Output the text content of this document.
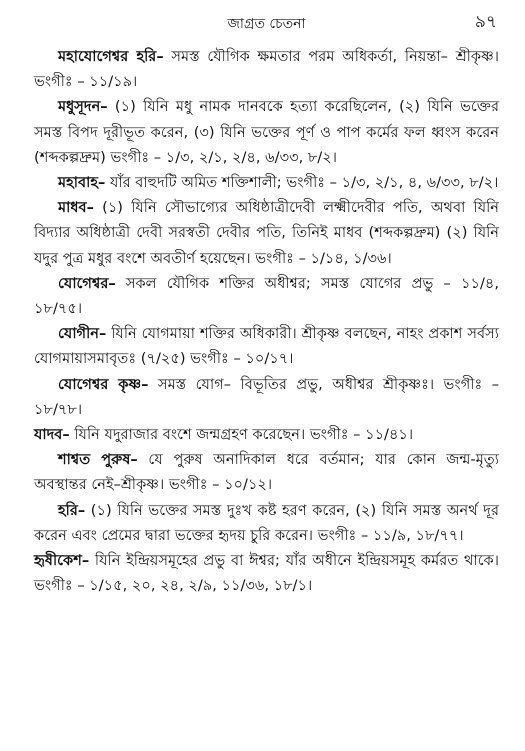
জাগ্রত চেতনা	৯৭

মহাযোগেশ্বর হরি– সমস্ত যৌগিক ক্ষমতার পরম অধিকর্তা, নিয়ন্তা– শ্রীকৃষ্ণ। ভংগীঃ – ১১/১৯।

মধুসূদন– (১) যিনি মধু নামক দানবকে হত্যা করেছিলেন, (২) যিনি ভক্তের সমস্ত বিপদ দূরীভূত করেন, (৩) যিনি ভক্তের পূর্ণ ও পাপ কর্মের ফল ধ্বংস করেন (শব্দকল্পদ্রুম) ভংগীঃ – ১/৩, ২/১, ২/৪, ৬/৩৩, ৮/২।

মহাবাহ– যাঁর বাহুদটি অমিত শক্তিশালী; ভংগীঃ – ১/৩, ২/১, ৪, ৬/৩৩, ৮/২।

মাধব– (১) যিনি সৌভাগ্যের অধিষ্ঠাত্রীদেবী লক্ষ্মীদেবীর পতি, অথবা যিনি বিদ্যার অধিষ্ঠাত্রী দেবী সরস্বতী দেবীর পতি, তিনিই মাধব (শব্দকল্পদ্রুম) (২) যিনি যদুর পুত্র মধুর বংশে অবতীর্ণ হয়েছেন। ভংগীঃ – ১/১৪, ১/৩৬।

যোগেশ্বর– সকল যৌগিক শক্তির অধীশ্বর; সমস্ত যোগের প্রভু – ১১/৪, ১৮/৭৫।

যোগীন– যিনি যোগমায়া শক্তির অধিকারী। শ্রীকৃষ্ণ বলছেন, নাহং প্রকাশ সর্বস্য যোগমায়াসমাবৃতঃ (৭/২৫) ভংগীঃ – ১০/১৭।

যোগেশ্বর কৃষ্ণ– সমস্ত যোগ– বিভূতির প্রভু, অধীশ্বর শ্রীকৃষ্ণঃ। ভংগীঃ – ১৮/৭৮।

যাদব– যিনি যদুরাজার বংশে জন্মগ্রহণ করেছেন। ভংগীঃ – ১১/৪১।

শাশ্বত পুরুষ– যে পুরুষ অনাদিকাল ধরে বর্তমান; যার কোন জন্ম-মৃত্যু অবস্থান্তর নেই–শ্রীকৃষ্ণ। ভংগীঃ – ১০/১২।

হরি– (১) যিনি ভক্তের সমস্ত দুঃখ কষ্ট হরণ করেন, (২) যিনি সমস্ত অনর্থ দূর করেন এবং প্রেমের দ্বারা ভক্তের হৃদয় চুরি করেন। ভংগীঃ – ১১/৯, ১৮/৭৭।

হৃষীকেশ– যিনি ইন্দ্রিয়সমূহের প্রভু বা ঈশ্বর; যাঁর অধীনে ইন্দ্রিয়সমূহ কর্মরত থাকে। ভংগীঃ – ১/১৫, ২০, ২৪, ২/৯, ১১/৩৬, ১৮/১।
